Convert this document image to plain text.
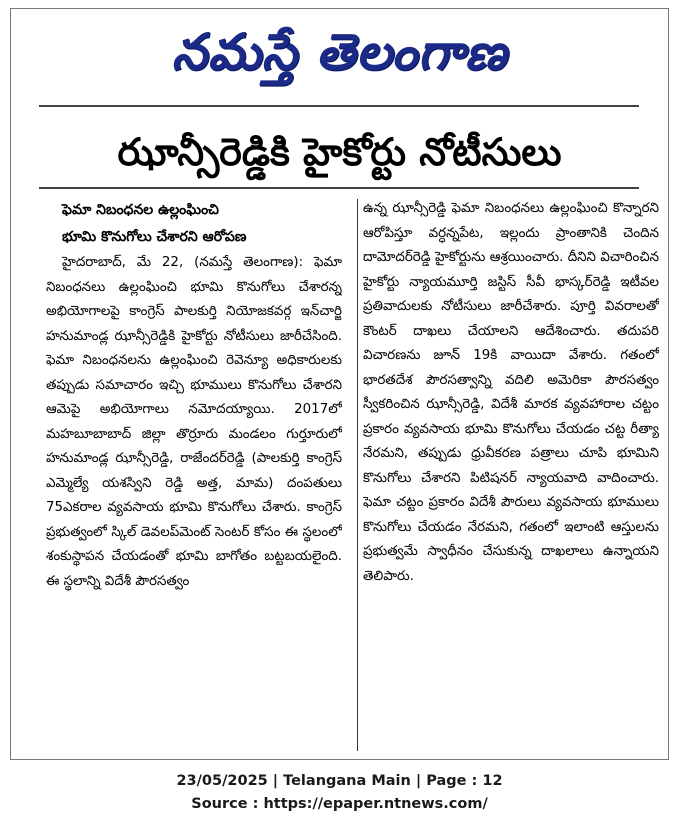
నమస్తే తెలంగాణ
ఝాన్సీరెడ్డికి హైకోర్టు నోటీసులు
ఫెమా నిబంధనల ఉల్లంఘించి
భూమి కొనుగోలు చేశారని ఆరోపణ
హైదరాబాద్, మే 22, (నమస్తే తెలంగాణ): ఫెమా నిబంధనలు ఉల్లంఘించి భూమి కొనుగోలు చేశారన్న అభియోగాలపై కాంగ్రెస్ పాలకుర్తి నియోజకవర్గ ఇన్‌చార్జి హనుమాండ్ల ఝాన్సీరెడ్డికి హైకోర్టు నోటీసులు జారీచేసింది. ఫెమా నిబంధనలను ఉల్లంఘించి రెవెన్యూ అధికారులకు తప్పుడు సమాచారం ఇచ్చి భూములు కొనుగోలు చేశారని ఆమెపై అభియోగాలు నమోదయ్యాయి. 2017లో మహబూబాబాద్ జిల్లా తొర్రూరు మండలం గుర్తూరులో హనుమాండ్ల ఝాన్సీరెడ్డి, రాజేందర్‌రెడ్డి (పాలకుర్తి కాంగ్రెస్ ఎమ్మెల్యే యశస్విని రెడ్డి అత్త, మామ) దంపతులు 75ఎకరాల వ్యవసాయ భూమి కొనుగోలు చేశారు. కాంగ్రెస్ ప్రభుత్వంలో స్కిల్ డెవలప్‌మెంట్ సెంటర్ కోసం ఈ స్థలంలో శంకుస్థాపన చేయడంతో భూమి బాగోతం బట్టబయలైంది. ఈ స్థలాన్ని విదేశీ పౌరసత్వం
ఉన్న ఝాన్సీరెడ్డి ఫెమా నిబంధనలు ఉల్లంఘించి కొన్నారని ఆరోపిస్తూ వర్ధన్నపేట, ఇల్లందు ప్రాంతానికి చెందిన దామోదర్‌రెడ్డి హైకోర్టును ఆశ్రయించారు. దీనిని విచారించిన హైకోర్టు న్యాయమూర్తి జస్టిస్ సీవీ భాస్కర్‌రెడ్డి ఇటీవల ప్రతివాదులకు నోటీసులు జారీచేశారు. పూర్తి వివరాలతో కౌంటర్ దాఖలు చేయాలని ఆదేశించారు. తదుపరి విచారణను జూన్ 19కి వాయిదా వేశారు. గతంలో భారతదేశ పౌరసత్వాన్ని వదిలి అమెరికా పౌరసత్వం స్వీకరించిన ఝాన్సీరెడ్డి, విదేశీ మారక వ్యవహారాల చట్టం ప్రకారం వ్యవసాయ భూమి కొనుగోలు చేయడం చట్ట రీత్యా నేరమని, తప్పుడు ధ్రువీకరణ పత్రాలు చూపి భూమిని కొనుగోలు చేశారని పిటిషనర్ న్యాయవాది వాదించారు. ఫెమా చట్టం ప్రకారం విదేశీ పౌరులు వ్యవసాయ భూములు కొనుగోలు చేయడం నేరమని, గతంలో ఇలాంటి ఆస్తులను ప్రభుత్వమే స్వాధీనం చేసుకున్న దాఖలాలు ఉన్నాయని తెలిపారు.
23/05/2025 | Telangana Main | Page : 12
Source : https://epaper.ntnews.com/
